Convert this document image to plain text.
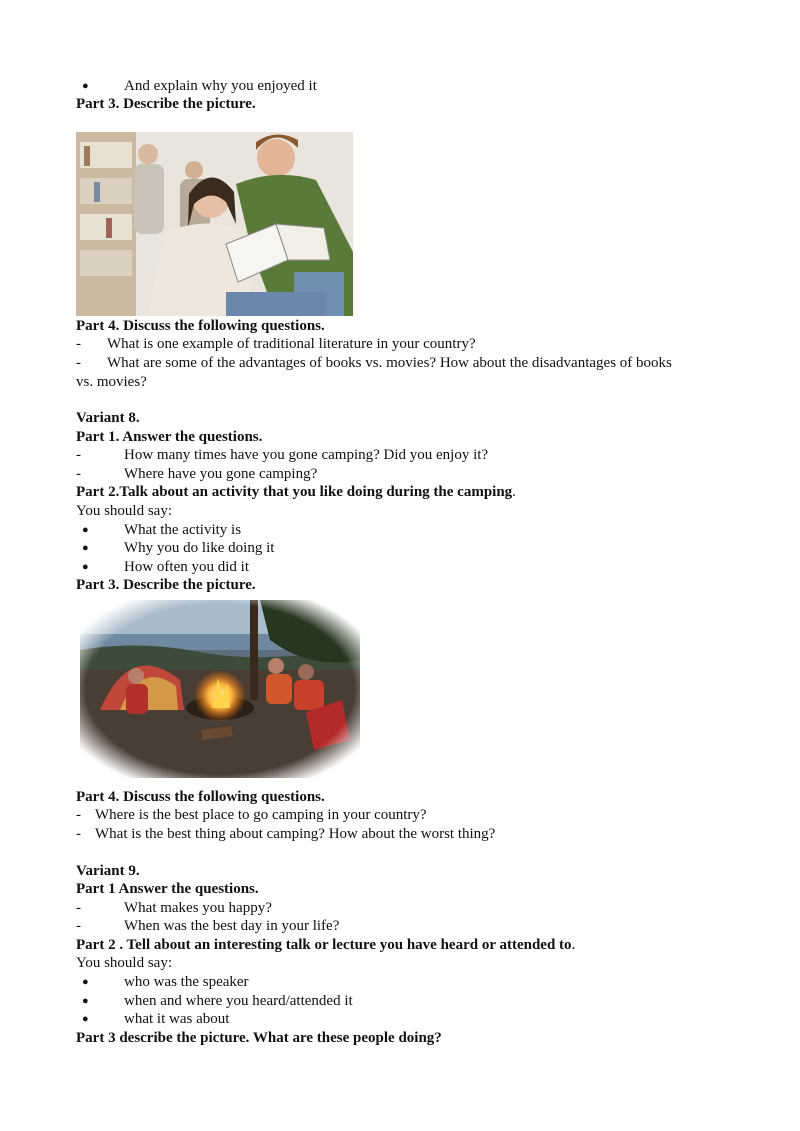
● And explain why you enjoyed it
Part 3. Describe the picture.
Part 4. Discuss the following questions.
- What is one example of traditional literature in your country?
- What are some of the advantages of books vs. movies? How about the disadvantages of books
vs. movies?
Variant 8.
Part 1. Answer the questions.
-	How many times have you gone camping? Did you enjoy it?
-	Where have you gone camping?
Part 2.Talk about an activity that you like doing during the camping.
You should say:
● What the activity is
● Why you do like doing it
● How often you did it
Part 3. Describe the picture.
Part 4. Discuss the following questions.
- Where is the best place to go camping in your country?
- What is the best thing about camping? How about the worst thing?
Variant 9.
Part 1 Answer the questions.
-	What makes you happy?
-	When was the best day in your life?
Part 2 . Tell about an interesting talk or lecture you have heard or attended to.
You should say:
● who was the speaker
● when and where you heard/attended it
● what it was about
Part 3 describe the picture. What are these people doing?
